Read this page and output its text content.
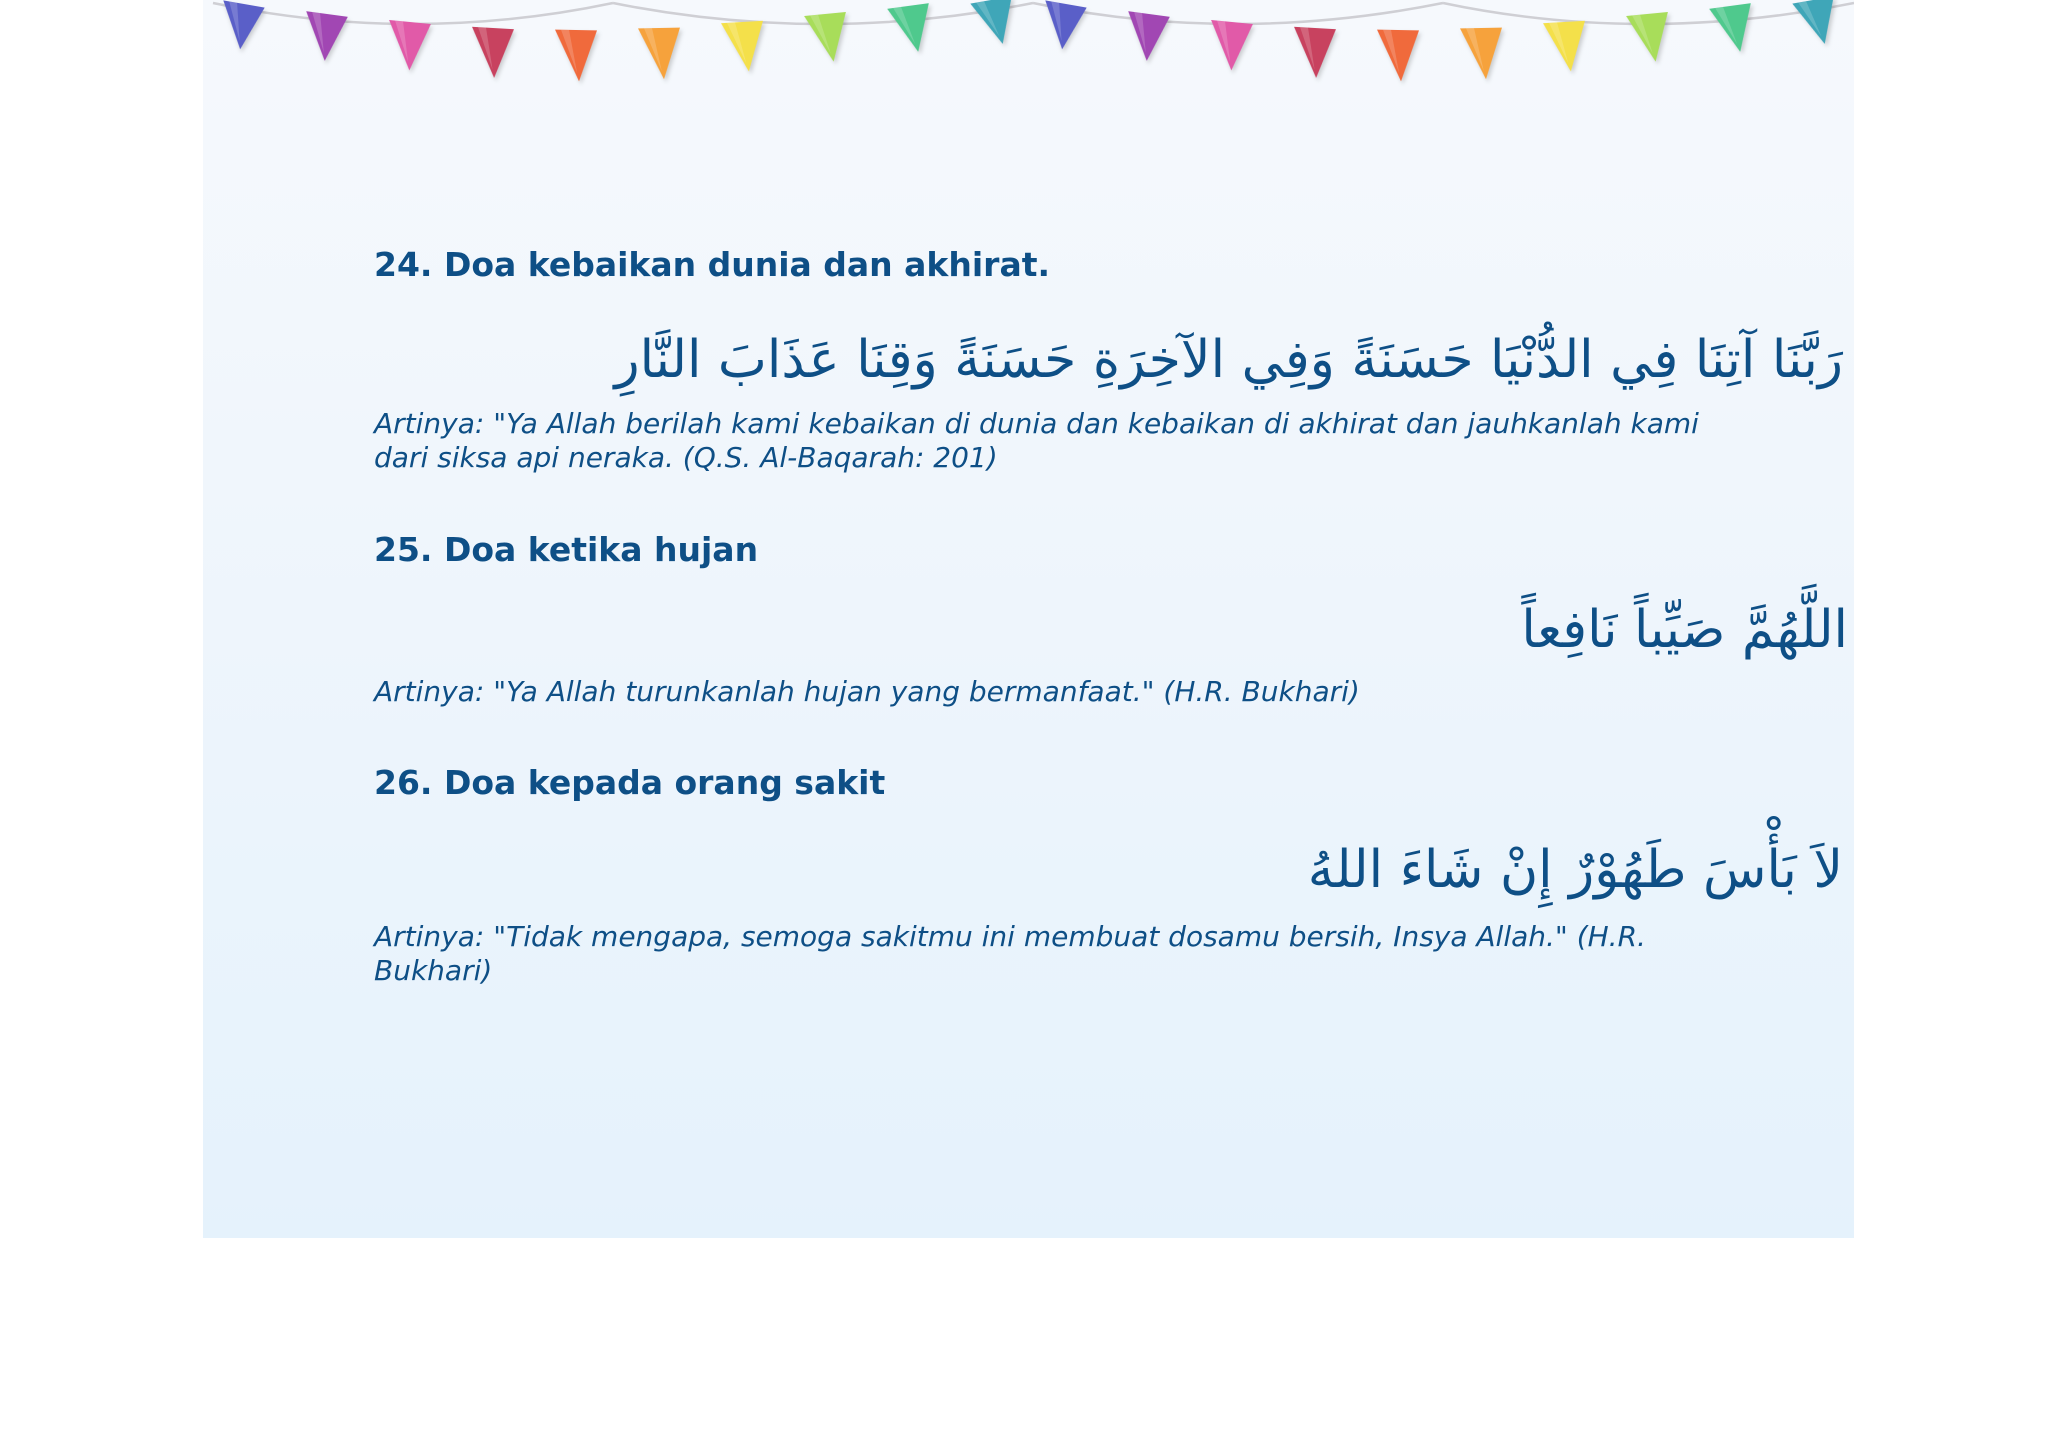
24. Doa kebaikan dunia dan akhirat.
رَبَّنَا آتِنَا فِي الدُّنْيَا حَسَنَةً وَفِي الآخِرَةِ حَسَنَةً وَقِنَا عَذَابَ النَّارِ
Artinya: "Ya Allah berilah kami kebaikan di dunia dan kebaikan di akhirat dan jauhkanlah kami dari siksa api neraka. (Q.S. Al-Baqarah: 201)
25. Doa ketika hujan
اللَّهُمَّ صَيِّباً نَافِعاً
Artinya: "Ya Allah turunkanlah hujan yang bermanfaat." (H.R. Bukhari)
26. Doa kepada orang sakit
لاَ بَأْسَ طَهُوْرٌ إِنْ شَاءَ اللهُ
Artinya: "Tidak mengapa, semoga sakitmu ini membuat dosamu bersih, Insya Allah." (H.R. Bukhari)
